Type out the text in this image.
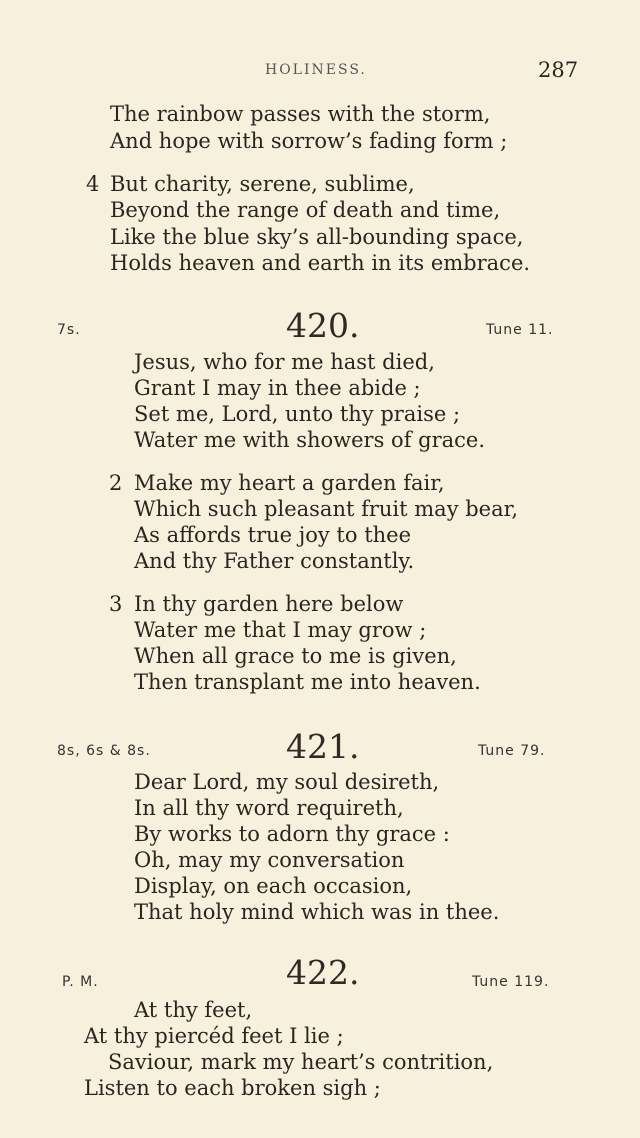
HOLINESS.	287
The rainbow passes with the storm,
And hope with sorrow’s fading form ;
4 But charity, serene, sublime,
Beyond the range of death and time,
Like the blue sky’s all-bounding space,
Holds heaven and earth in its embrace.
7s.	420.	Tune 11.
Jesus, who for me hast died,
Grant I may in thee abide ;
Set me, Lord, unto thy praise ;
Water me with showers of grace.
2 Make my heart a garden fair,
Which such pleasant fruit may bear,
As affords true joy to thee
And thy Father constantly.
3 In thy garden here below
Water me that I may grow ;
When all grace to me is given,
Then transplant me into heaven.
8s, 6s & 8s.	421.	Tune 79.
Dear Lord, my soul desireth,
In all thy word requireth,
By works to adorn thy grace :
Oh, may my conversation
Display, on each occasion,
That holy mind which was in thee.
P. M.	422.	Tune 119.
At thy feet,
At thy piercéd feet I lie ;
Saviour, mark my heart’s contrition,
Listen to each broken sigh ;
